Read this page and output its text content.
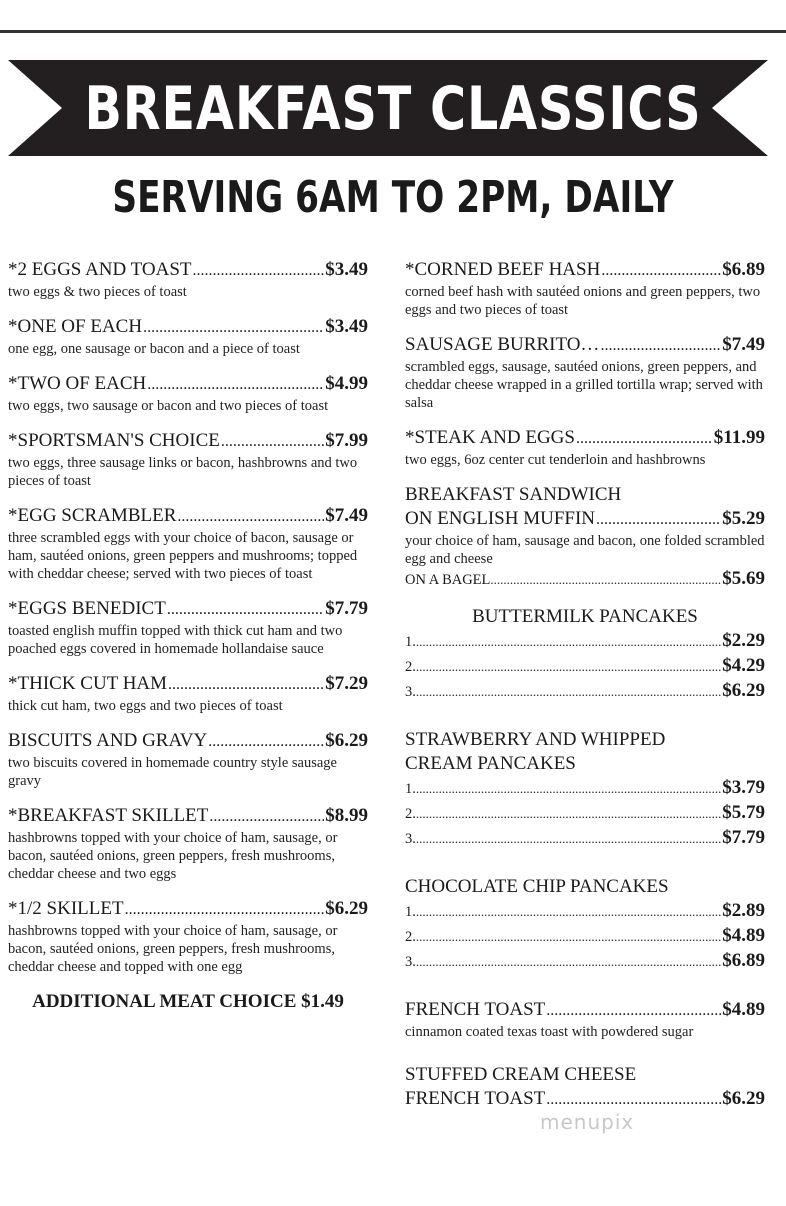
BREAKFAST CLASSICS
SERVING 6AM TO 2PM, DAILY
*2 EGGS AND TOAST .....	$3.49
two eggs & two pieces of toast
*ONE OF EACH .....	$3.49
one egg, one sausage or bacon and a piece of toast
*TWO OF EACH .....	$4.99
two eggs, two sausage or bacon and two pieces of toast
*SPORTSMAN'S CHOICE .....	$7.99
two eggs, three sausage links or bacon, hashbrowns and two pieces of toast
*EGG SCRAMBLER .....	$7.49
three scrambled eggs with your choice of bacon, sausage or ham, sautéed onions, green peppers and mushrooms; topped with cheddar cheese; served with two pieces of toast
*EGGS BENEDICT .....	$7.79
toasted english muffin topped with thick cut ham and two poached eggs covered in homemade hollandaise sauce
*THICK CUT HAM .....	$7.29
thick cut ham, two eggs and two pieces of toast
BISCUITS AND GRAVY .....	$6.29
two biscuits covered in homemade country style sausage gravy
*BREAKFAST SKILLET .....	$8.99
hashbrowns topped with your choice of ham, sausage, or bacon, sautéed onions, green peppers, fresh mushrooms, cheddar cheese and two eggs
*1/2 SKILLET .....	$6.29
hashbrowns topped with your choice of ham, sausage, or bacon, sautéed onions, green peppers, fresh mushrooms, cheddar cheese and topped with one egg
ADDITIONAL MEAT CHOICE $1.49
*CORNED BEEF HASH .....	$6.89
corned beef hash with sautéed onions and green peppers, two eggs and two pieces of toast
SAUSAGE BURRITO… .....	$7.49
scrambled eggs, sausage, sautéed onions, green peppers, and cheddar cheese wrapped in a grilled tortilla wrap; served with salsa
*STEAK AND EGGS .....	$11.99
two eggs, 6oz center cut tenderloin and hashbrowns
BREAKFAST SANDWICH
ON ENGLISH MUFFIN .....	$5.29
your choice of ham, sausage and bacon, one folded scrambled egg and cheese
ON A BAGEL .....	$5.69
BUTTERMILK PANCAKES
1. .....	$2.29
2. .....	$4.29
3. .....	$6.29
STRAWBERRY AND WHIPPED
CREAM PANCAKES
1. .....	$3.79
2. .....	$5.79
3. .....	$7.79
CHOCOLATE CHIP PANCAKES
1. .....	$2.89
2. .....	$4.89
3. .....	$6.89
FRENCH TOAST .....	$4.89
cinnamon coated texas toast with powdered sugar
STUFFED CREAM CHEESE
FRENCH TOAST .....	$6.29
menupix
